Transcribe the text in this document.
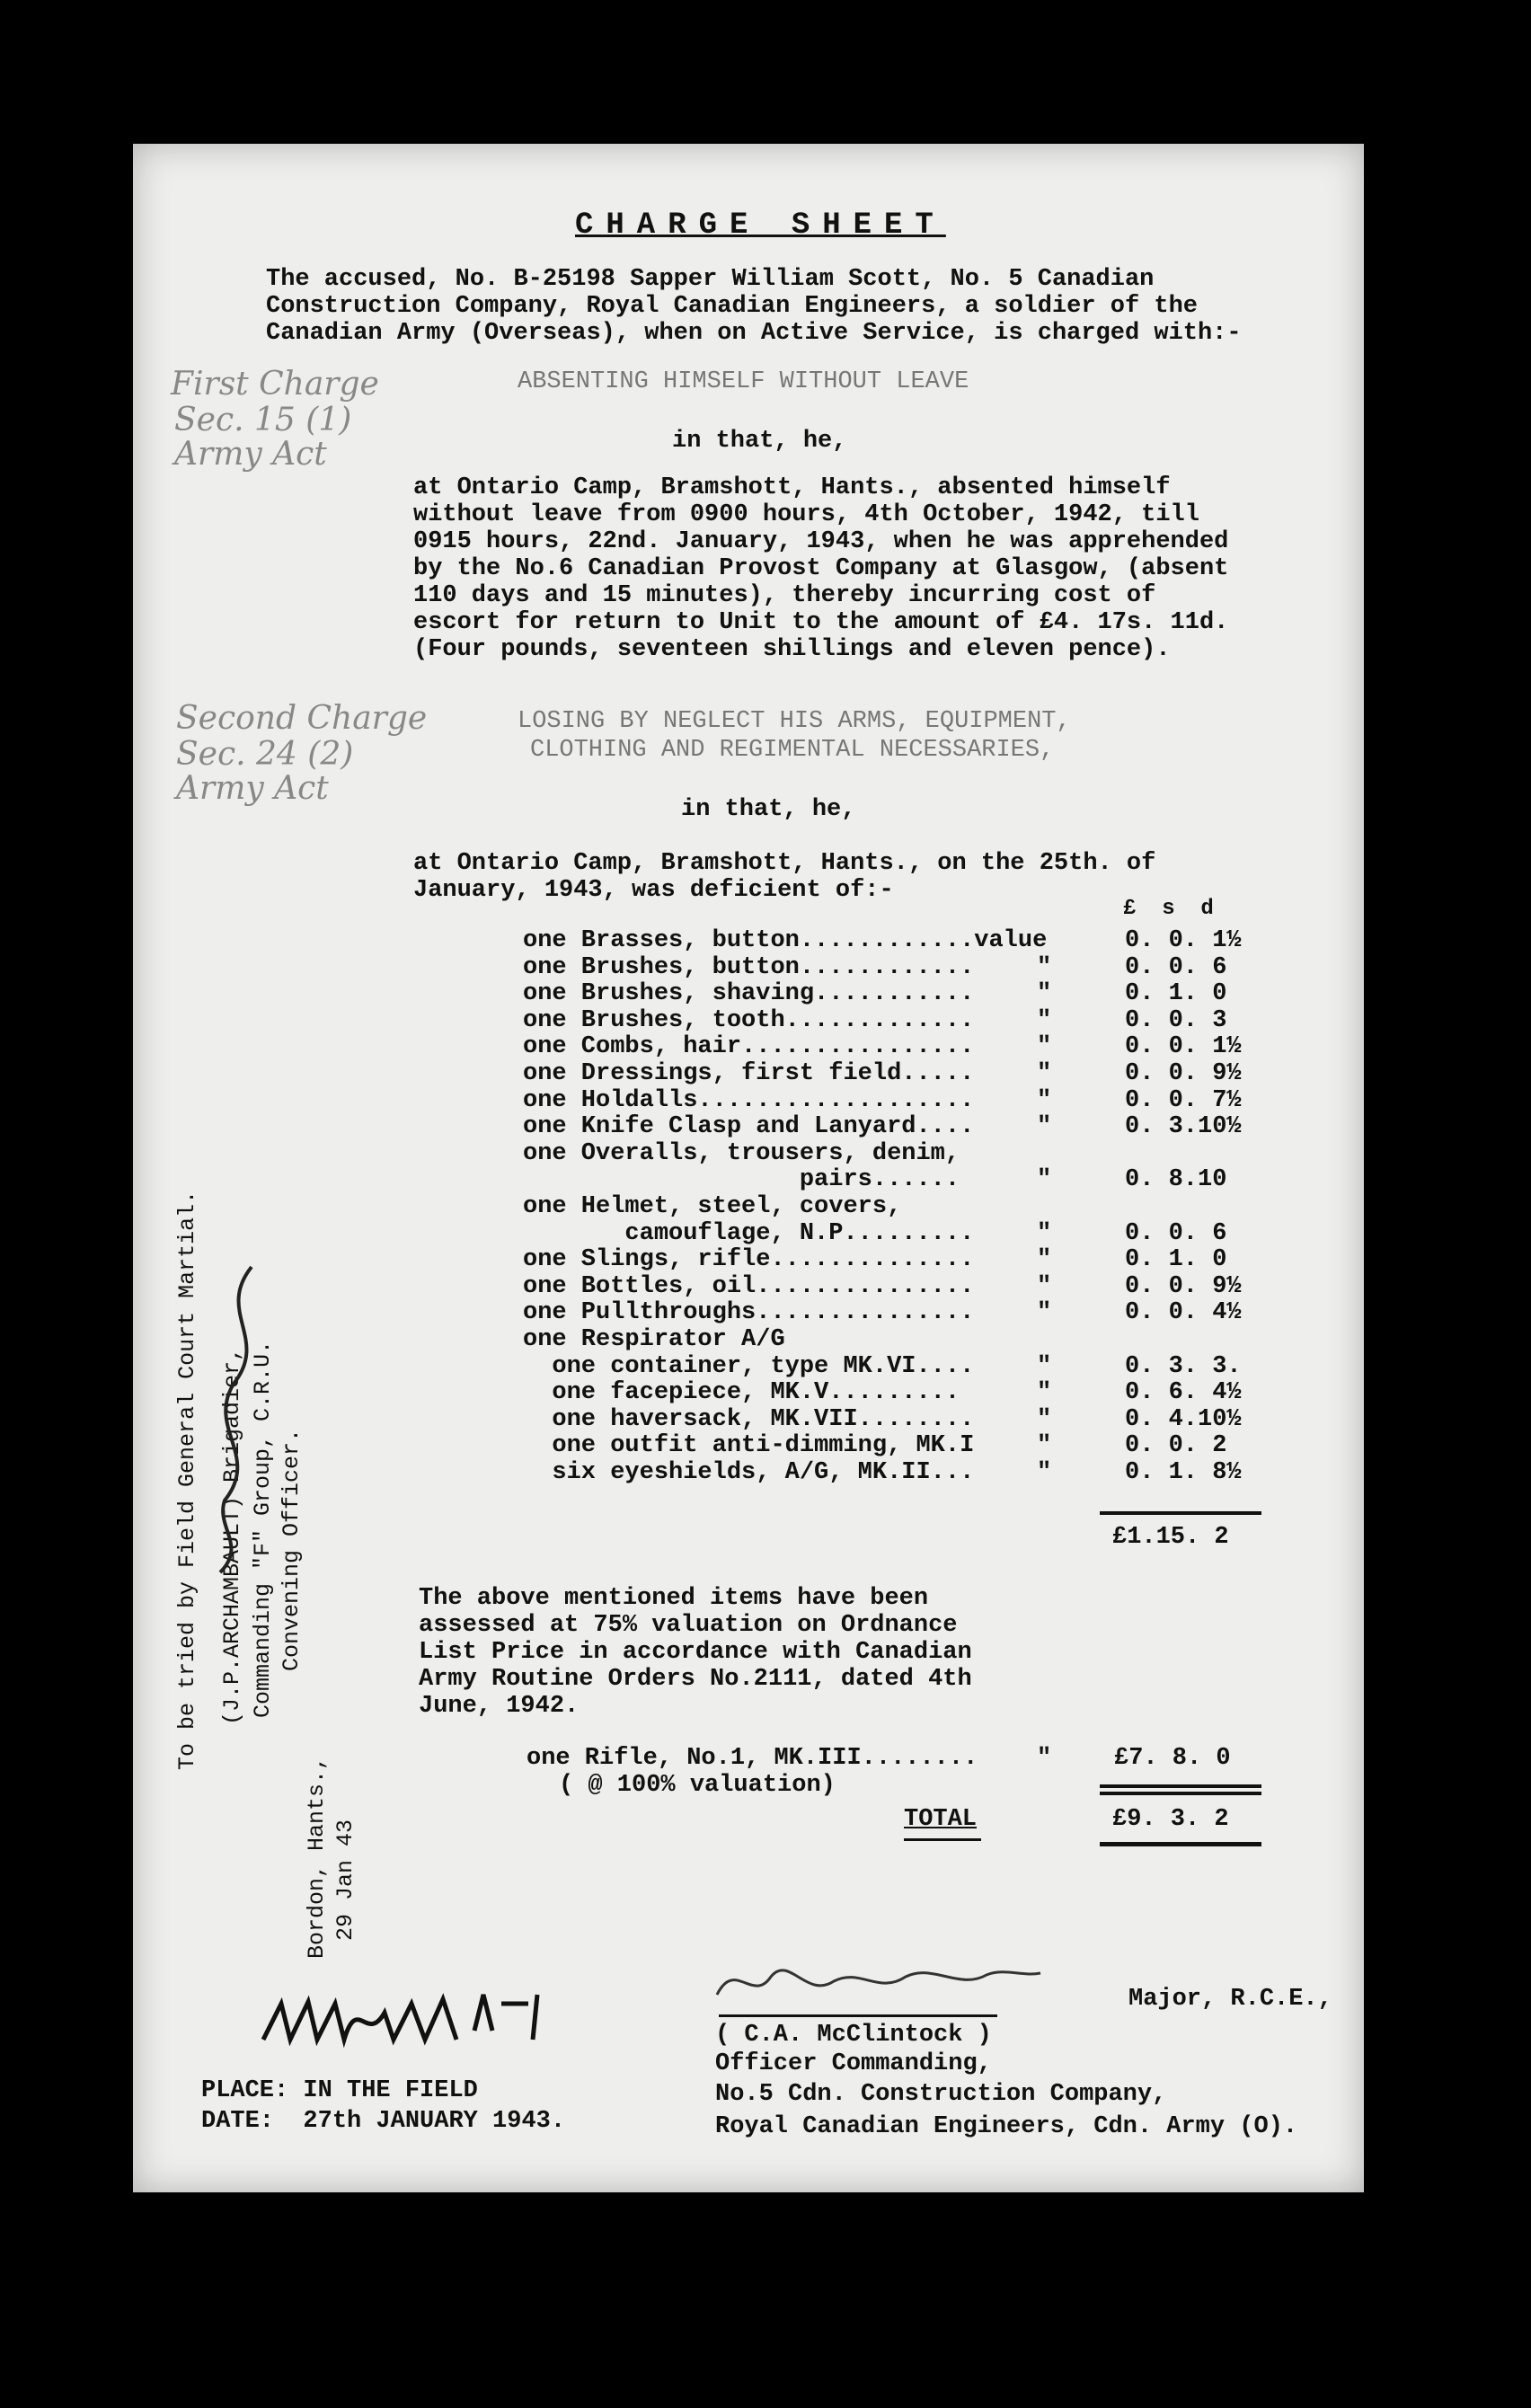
CHARGE SHEET
The accused, No. B-25198 Sapper William Scott, No. 5 Canadian
Construction Company, Royal Canadian Engineers, a soldier of the
Canadian Army (Overseas), when on Active Service, is charged with:-
First Charge
Sec. 15 (1)
Army Act
ABSENTING HIMSELF WITHOUT LEAVE
in that, he,
at Ontario Camp, Bramshott, Hants., absented himself
without leave from 0900 hours, 4th October, 1942, till
0915 hours, 22nd. January, 1943, when he was apprehended
by the No.6 Canadian Provost Company at Glasgow, (absent
110 days and 15 minutes), thereby incurring cost of
escort for return to Unit to the amount of £4. 17s. 11d.
(Four pounds, seventeen shillings and eleven pence).
Second Charge
Sec. 24 (2)
Army Act
LOSING BY NEGLECT HIS ARMS, EQUIPMENT,
CLOTHING AND REGIMENTAL NECESSARIES,
in that, he,
at Ontario Camp, Bramshott, Hants., on the 25th. of
January, 1943, was deficient of:-
£  s  d
one Brasses, button............value	0. 0. 1½
one Brushes, button............	"	0. 0. 6
one Brushes, shaving...........	"	0. 1. 0
one Brushes, tooth.............	"	0. 0. 3
one Combs, hair................	"	0. 0. 1½
one Dressings, first field.....	"	0. 0. 9½
one Holdalls...................	"	0. 0. 7½
one Knife Clasp and Lanyard....	"	0. 3.10½
one Overalls, trousers, denim,
pairs......	"	0. 8.10
one Helmet, steel, covers,
camouflage, N.P.........	"	0. 0. 6
one Slings, rifle..............	"	0. 1. 0
one Bottles, oil...............	"	0. 0. 9½
one Pullthroughs...............	"	0. 0. 4½
one Respirator A/G
one container, type MK.VI....	"	0. 3. 3.
one facepiece, MK.V.........	"	0. 6. 4½
one haversack, MK.VII........	"	0. 4.10½
one outfit anti-dimming, MK.I	"	0. 0. 2
six eyeshields, A/G, MK.II...	"	0. 1. 8½
£1.15. 2
The above mentioned items have been
assessed at 75% valuation on Ordnance
List Price in accordance with Canadian
Army Routine Orders No.2111, dated 4th
June, 1942.
one Rifle, No.1, MK.III........ "	£7. 8. 0
( @ 100% valuation)
TOTAL	£9. 3. 2
To be tried by Field General Court Martial. (J.P.ARCHAMBAULT) Brigadier, Commanding "F" Group, C.R.U. Convening Officer.
Bordon, Hants., 29 Jan 43
Major, R.C.E.,
( C.A. McClintock )
Officer Commanding,
No.5 Cdn. Construction Company,
Royal Canadian Engineers, Cdn. Army (O).
PLACE: IN THE FIELD
DATE:  27th JANUARY 1943.
